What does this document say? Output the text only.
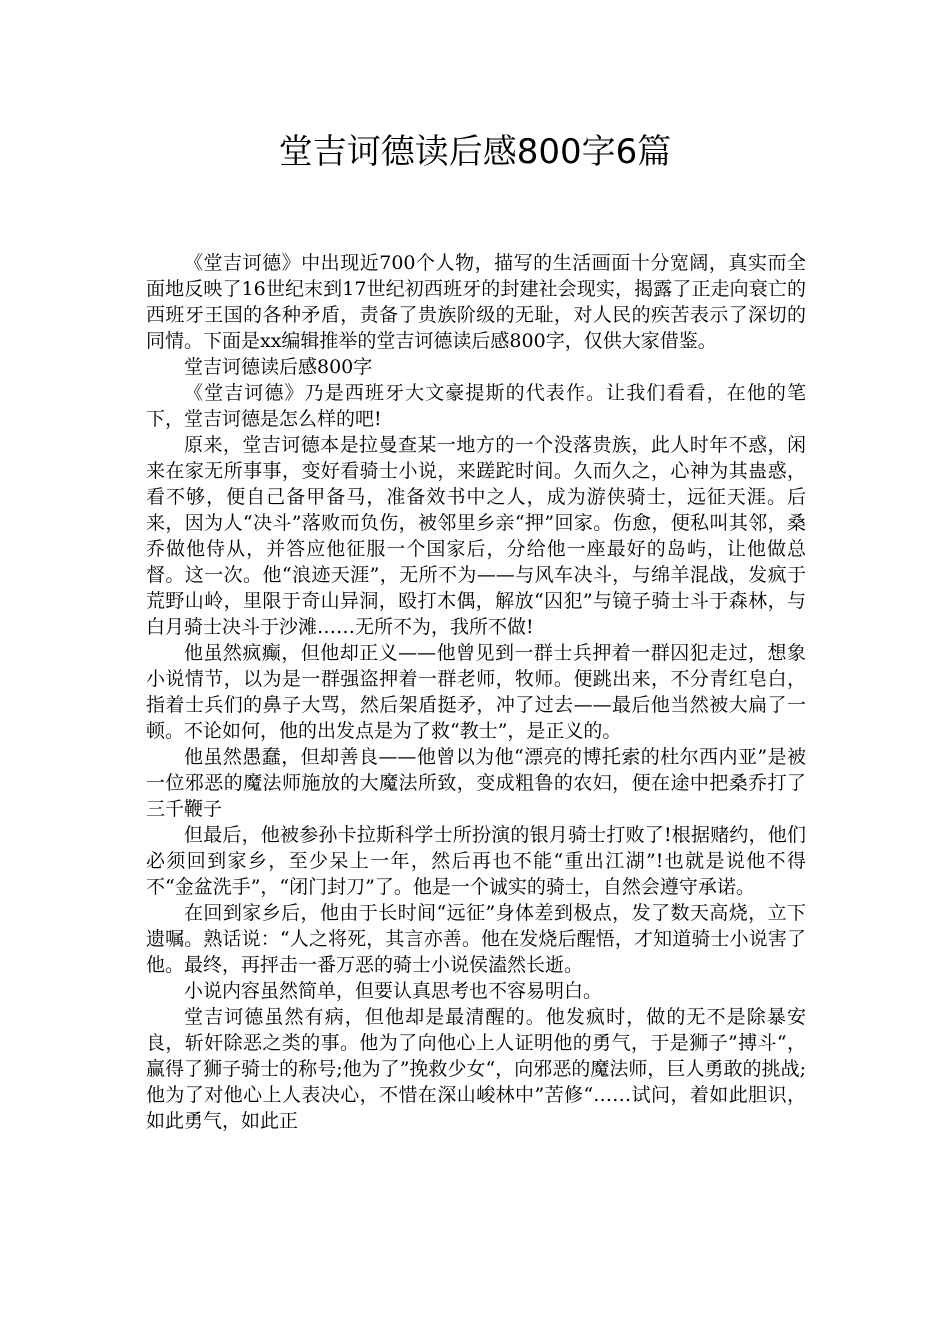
堂吉诃德读后感800字6篇

《堂吉诃德》中出现近700个人物，描写的生活画面十分宽阔，真实而全面地反映了16世纪末到17世纪初西班牙的封建社会现实，揭露了正走向衰亡的西班牙王国的各种矛盾，责备了贵族阶级的无耻，对人民的疾苦表示了深切的同情。下面是xx编辑推举的堂吉诃德读后感800字，仅供大家借鉴。

堂吉诃德读后感800字

《堂吉诃德》乃是西班牙大文豪提斯的代表作。让我们看看，在他的笔下，堂吉诃德是怎么样的吧!

原来，堂吉诃德本是拉曼查某一地方的一个没落贵族，此人时年不惑，闲来在家无所事事，变好看骑士小说，来蹉跎时间。久而久之，心神为其蛊惑，看不够，便自己备甲备马，准备效书中之人，成为游侠骑士，远征天涯。后来，因为人“决斗”落败而负伤，被邻里乡亲“押”回家。伤愈，便私叫其邻，桑乔做他侍从，并答应他征服一个国家后，分给他一座最好的岛屿，让他做总督。这一次。他“浪迹天涯”，无所不为——与风车决斗，与绵羊混战，发疯于荒野山岭，里限于奇山异洞，殴打木偶，解放“囚犯”与镜子骑士斗于森林，与白月骑士决斗于沙滩……无所不为，我所不做!

他虽然疯癫，但他却正义——他曾见到一群士兵押着一群囚犯走过，想象小说情节，以为是一群强盗押着一群老师，牧师。便跳出来，不分青红皂白，指着士兵们的鼻子大骂，然后架盾挺矛，冲了过去——最后他当然被大扁了一顿。不论如何，他的出发点是为了救“教士”，是正义的。

他虽然愚蠢，但却善良——他曾以为他“漂亮的博托索的杜尔西内亚”是被一位邪恶的魔法师施放的大魔法所致，变成粗鲁的农妇，便在途中把桑乔打了三千鞭子

但最后，他被参孙卡拉斯科学士所扮演的银月骑士打败了!根据赌约，他们必须回到家乡，至少呆上一年，然后再也不能“重出江湖”!也就是说他不得不“金盆洗手”，“闭门封刀”了。他是一个诚实的骑士，自然会遵守承诺。

在回到家乡后，他由于长时间“远征”身体差到极点，发了数天高烧，立下遗嘱。熟话说：“人之将死，其言亦善。他在发烧后醒悟，才知道骑士小说害了他。最终，再抨击一番万恶的骑士小说侯溘然长逝。

小说内容虽然简单，但要认真思考也不容易明白。

堂吉诃德虽然有病，但他却是最清醒的。他发疯时，做的无不是除暴安良，斩奸除恶之类的事。他为了向他心上人证明他的勇气，于是狮子”搏斗“，赢得了狮子骑士的称号;他为了”挽救少女“，向邪恶的魔法师，巨人勇敢的挑战;他为了对他心上人表决心，不惜在深山峻林中”苦修“……试问，着如此胆识，如此勇气，如此正
